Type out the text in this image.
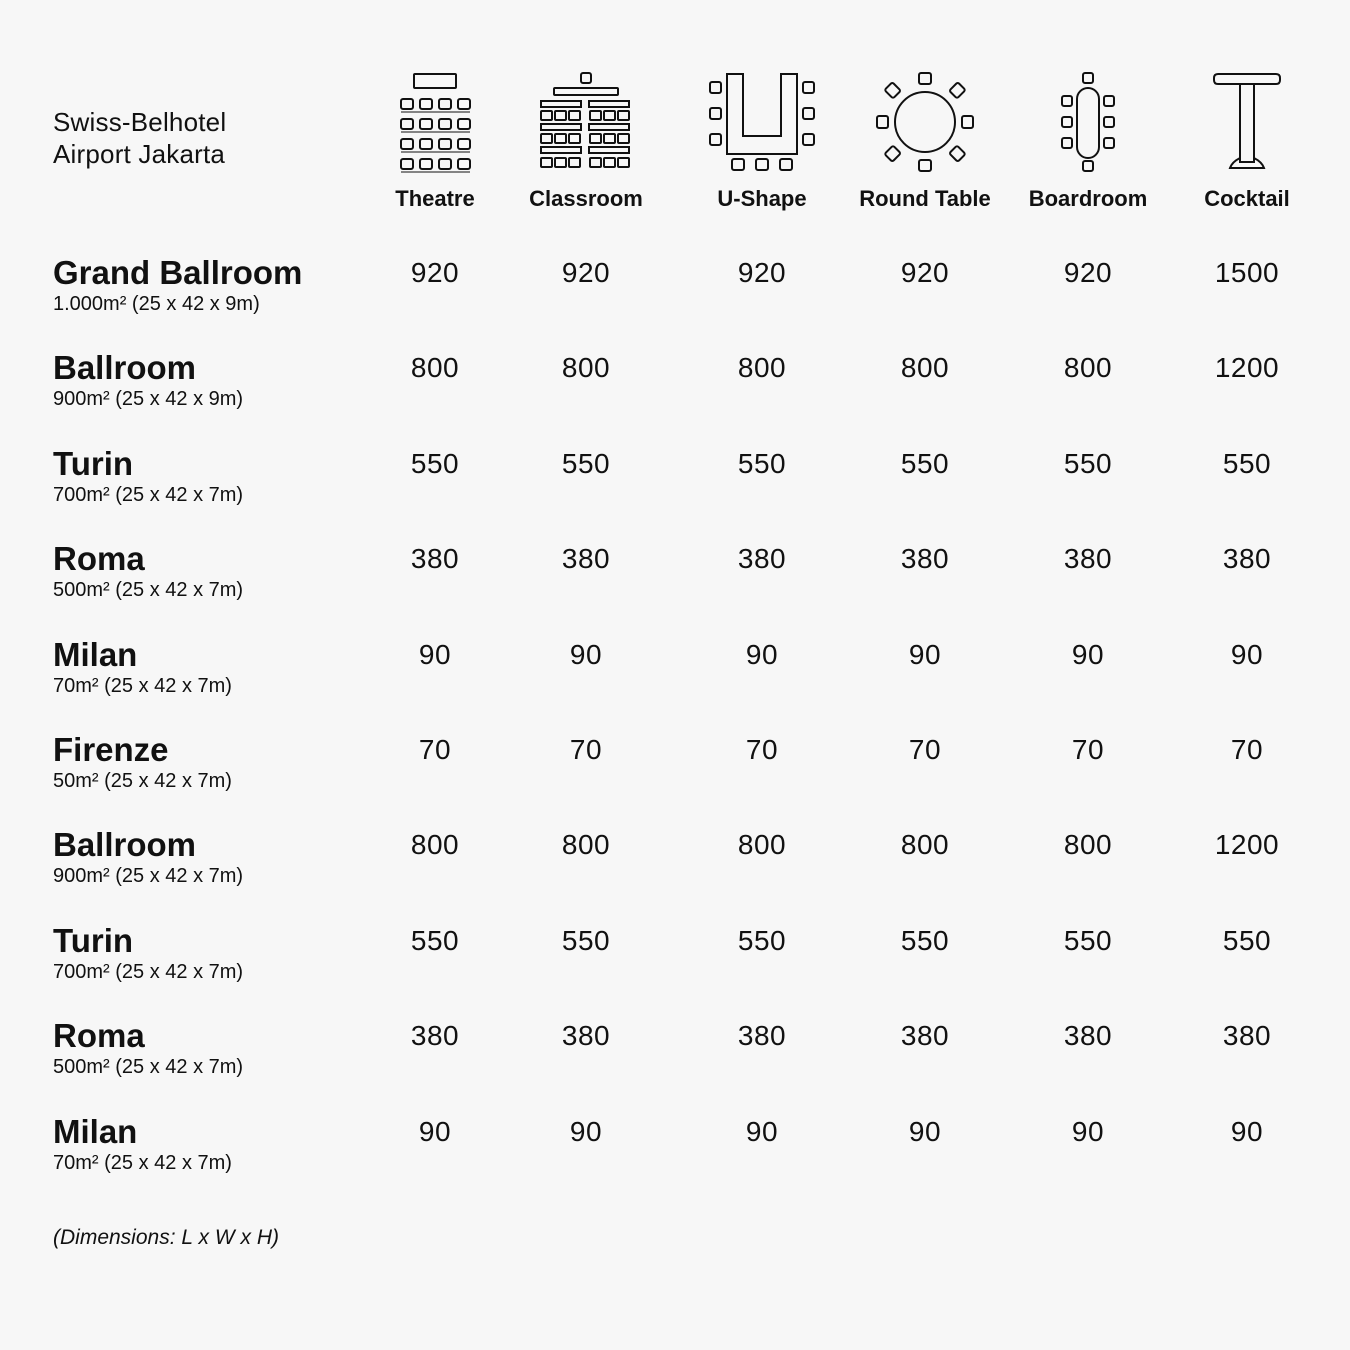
Swiss-Belhotel
Airport Jakarta
Theatre	Classroom	U-Shape	Round Table	Boardroom	Cocktail
Grand Ballroom
1.000m² (25 x 42 x 9m)
920	920	920	920	920	1500
Ballroom
900m² (25 x 42 x 9m)
800	800	800	800	800	1200
Turin
700m² (25 x 42 x 7m)
550	550	550	550	550	550
Roma
500m² (25 x 42 x 7m)
380	380	380	380	380	380
Milan
70m² (25 x 42 x 7m)
90	90	90	90	90	90
Firenze
50m² (25 x 42 x 7m)
70	70	70	70	70	70
Ballroom
900m² (25 x 42 x 7m)
800	800	800	800	800	1200
Turin
700m² (25 x 42 x 7m)
550	550	550	550	550	550
Roma
500m² (25 x 42 x 7m)
380	380	380	380	380	380
Milan
70m² (25 x 42 x 7m)
90	90	90	90	90	90
(Dimensions: L x W x H)
